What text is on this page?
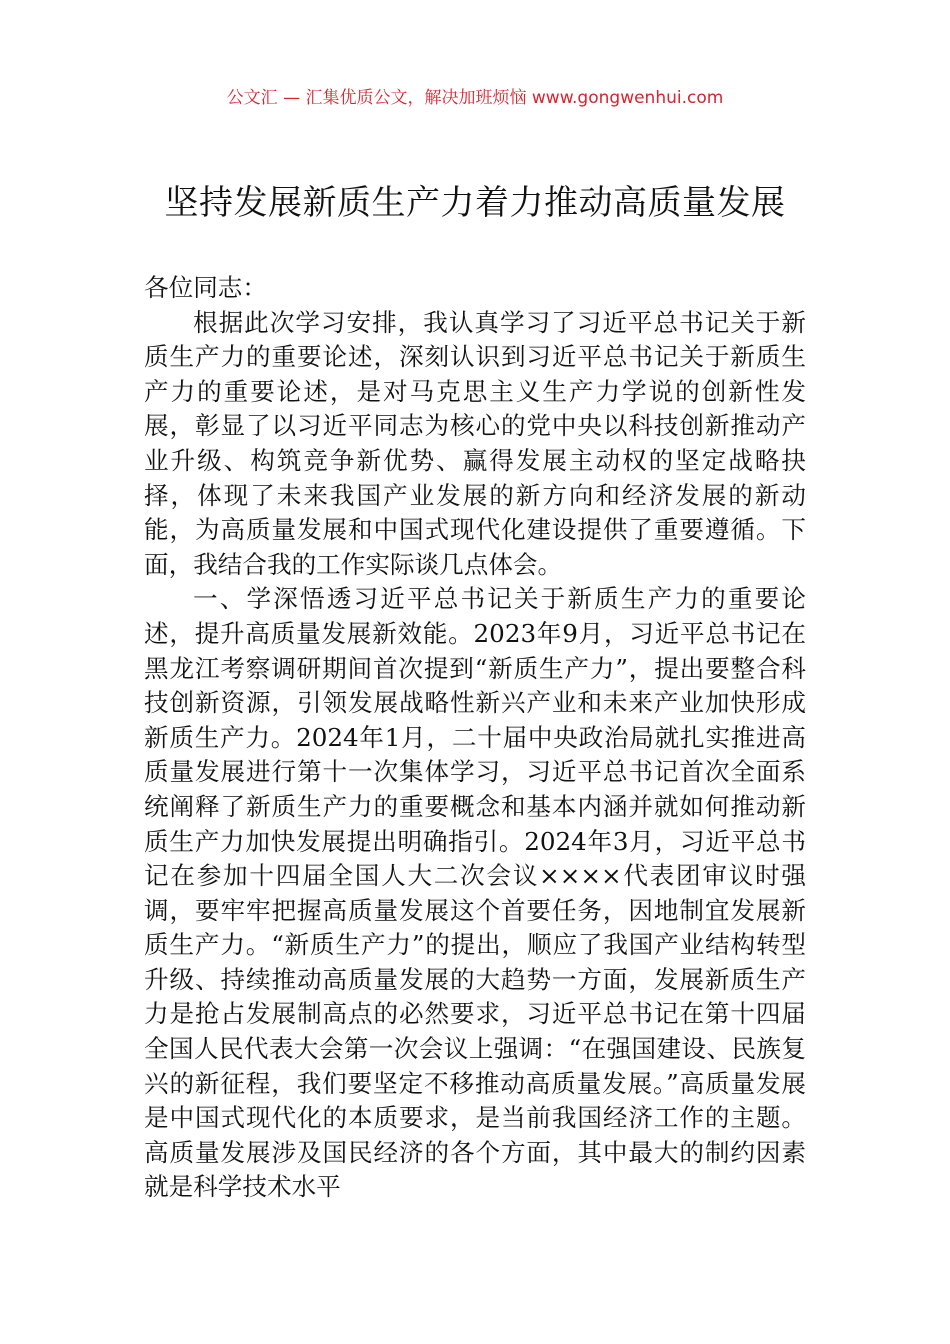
公文汇 — 汇集优质公文，解决加班烦恼 www.gongwenhui.com
坚持发展新质生产力着力推动高质量发展

各位同志：

根据此次学习安排，我认真学习了习近平总书记关于新质生产力的重要论述，深刻认识到习近平总书记关于新质生产力的重要论述，是对马克思主义生产力学说的创新性发展，彰显了以习近平同志为核心的党中央以科技创新推动产业升级、构筑竞争新优势、赢得发展主动权的坚定战略抉择，体现了未来我国产业发展的新方向和经济发展的新动能，为高质量发展和中国式现代化建设提供了重要遵循。下面，我结合我的工作实际谈几点体会。

一、学深悟透习近平总书记关于新质生产力的重要论述，提升高质量发展新效能。2023年9月，习近平总书记在黑龙江考察调研期间首次提到“新质生产力”，提出要整合科技创新资源，引领发展战略性新兴产业和未来产业加快形成新质生产力。2024年1月，二十届中央政治局就扎实推进高质量发展进行第十一次集体学习，习近平总书记首次全面系统阐释了新质生产力的重要概念和基本内涵并就如何推动新质生产力加快发展提出明确指引。2024年3月，习近平总书记在参加十四届全国人大二次会议××××代表团审议时强调，要牢牢把握高质量发展这个首要任务，因地制宜发展新质生产力。“新质生产力”的提出，顺应了我国产业结构转型升级、持续推动高质量发展的大趋势一方面，发展新质生产力是抢占发展制高点的必然要求，习近平总书记在第十四届全国人民代表大会第一次会议上强调：“在强国建设、民族复兴的新征程，我们要坚定不移推动高质量发展。”高质量发展是中国式现代化的本质要求，是当前我国经济工作的主题。高质量发展涉及国民经济的各个方面，其中最大的制约因素就是科学技术水平
